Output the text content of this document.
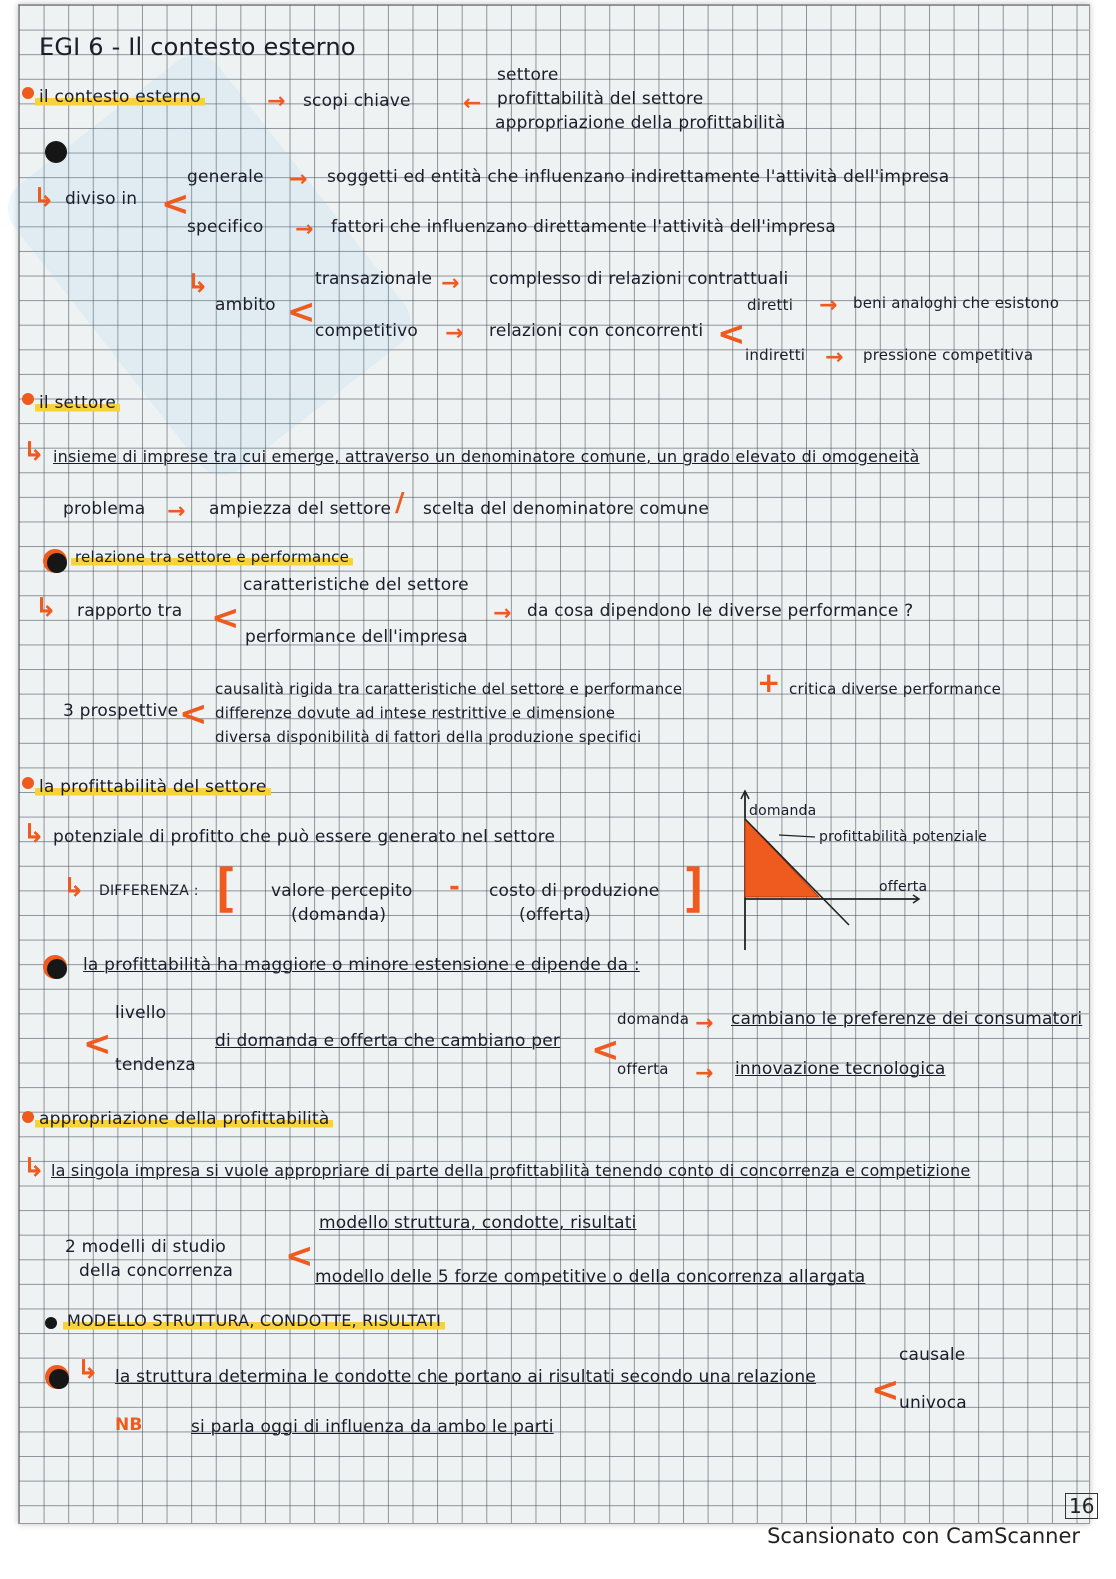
EGI 6 - Il contesto esterno
il contesto esterno	→ scopi chiave ←
settore
profittabilità del settore
appropriazione della profittabilità
↳ diviso in <
generale → soggetti ed entità che influenzano indirettamente l'attività dell'impresa
specifico → fattori che influenzano direttamente l'attività dell'impresa
↳
ambito <
transazionale → complesso di relazioni contrattuali
competitivo → relazioni con concorrenti <
diretti → beni analoghi che esistono
indiretti → pressione competitiva
il settore
↳ insieme di imprese tra cui emerge, attraverso un denominatore comune, un grado elevato di omogeneità
problema → ampiezza del settore / scelta del denominatore comune
relazione tra settore e performance
↳ rapporto tra <
caratteristiche del settore
performance dell'impresa
→ da cosa dipendono le diverse performance ?
3 prospettive <
causalità rigida tra caratteristiche del settore e performance	+ critica diverse performance
differenze dovute ad intese restrittive e dimensione
diversa disponibilità di fattori della produzione specifici
la profittabilità del settore
↳ potenziale di profitto che può essere generato nel settore
↳ DIFFERENZA : [ valore percepito
(domanda)
- costo di produzione
(offerta) ]
domanda
profittabilità potenziale
offerta
la profittabilità ha maggiore o minore estensione e dipende da :
livello
<
tendenza
di domanda e offerta che cambiano per <
domanda → cambiano le preferenze dei consumatori
offerta → innovazione tecnologica
appropriazione della profittabilità
↳ la singola impresa si vuole appropriare di parte della profittabilità tenendo conto di concorrenza e competizione
2 modelli di studio
della concorrenza <
modello struttura, condotte, risultati
modello delle 5 forze competitive o della concorrenza allargata
MODELLO STRUTTURA, CONDOTTE, RISULTATI
↳ la struttura determina le condotte che portano ai risultati secondo una relazione <
causale
univoca
NB	si parla oggi di influenza da ambo le parti
16
Scansionato con CamScanner
